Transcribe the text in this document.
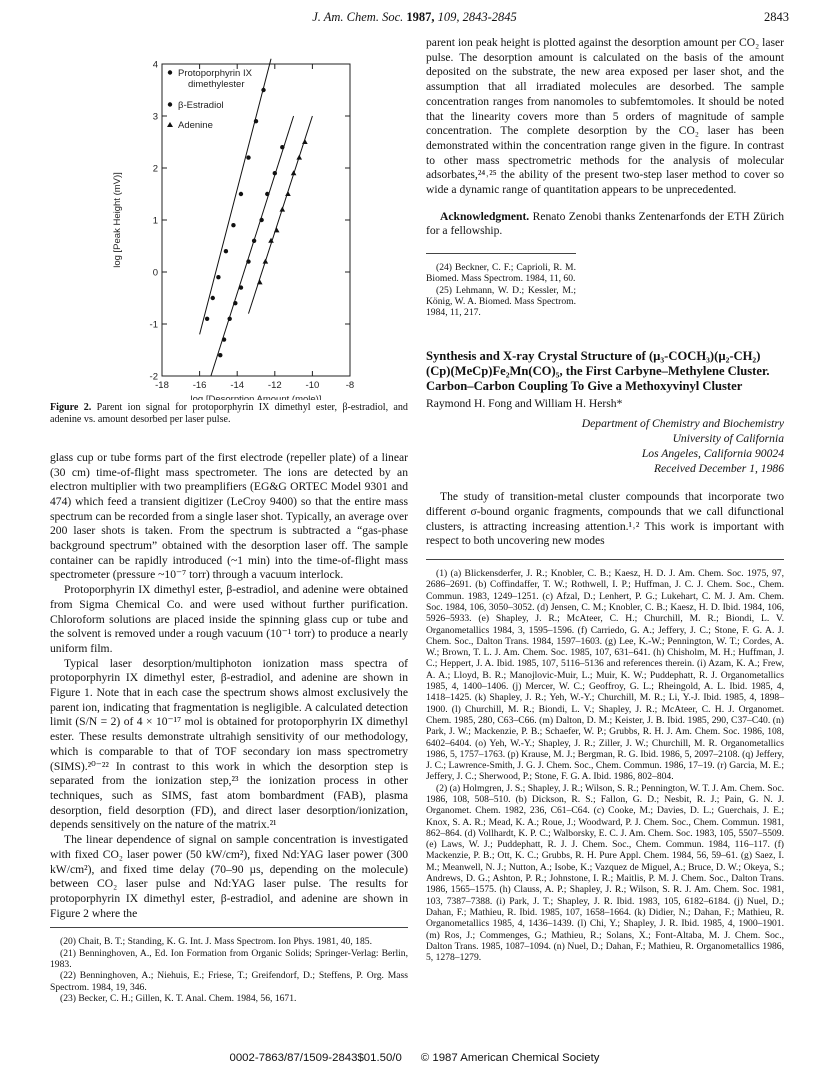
J. Am. Chem. Soc. 1987, 109, 2843-2845	2843
-18	-16	-14	-12	-10	-8
-2
-1
0
1
2
3
4
log [Desorption Amount (mole)]
log [Peak Height (mV)]
Protoporphyrin IX dimethylester
β-Estradiol
Adenine
Figure 2. Parent ion signal for protoporphyrin IX dimethyl ester, β-estradiol, and adenine vs. amount desorbed per laser pulse.

glass cup or tube forms part of the first electrode (repeller plate) of a linear (30 cm) time-of-flight mass spectrometer. The ions are detected by an electron multiplier with two preamplifiers (EG&G ORTEC Model 9301 and 474) which feed a transient digitizer (LeCroy 9400) so that the entire mass spectrum can be recorded from a single laser shot. Typically, an average over 200 laser shots is taken. From the spectrum is subtracted a “gas-phase background spectrum” obtained with the desorption laser off. The sample container can be rapidly introduced (~1 min) into the time-of-flight mass spectrometer (pressure ~10⁻⁷ torr) through a vacuum interlock.

Protoporphyrin IX dimethyl ester, β-estradiol, and adenine were obtained from Sigma Chemical Co. and were used without further purification. Chloroform solutions are placed inside the spinning glass cup or tube and the solvent is removed under a rough vacuum (10⁻¹ torr) to produce a nearly uniform film.

Typical laser desorption/multiphoton ionization mass spectra of protoporphyrin IX dimethyl ester, β-estradiol, and adenine are shown in Figure 1. Note that in each case the spectrum shows almost exclusively the parent ion, indicating that fragmentation is negligible. A calculated detection limit (S/N = 2) of 4 × 10⁻¹⁷ mol is obtained for protoporphyrin IX dimethyl ester. These results demonstrate ultrahigh sensitivity of our methodology, which is comparable to that of TOF secondary ion mass spectrometry (SIMS).²⁰⁻²² In contrast to this work in which the desorption step is separated from the ionization step,²³ the ionization process in other techniques, such as SIMS, fast atom bombardment (FAB), plasma desorption, field desorption (FD), and direct laser desorption/ionization, depends sensitively on the nature of the matrix.²¹

The linear dependence of signal on sample concentration is investigated with fixed CO₂ laser power (50 kW/cm²), fixed Nd:YAG laser power (300 kW/cm²), and fixed time delay (70–90 µs, depending on the molecule) between CO₂ laser pulse and Nd:YAG laser pulse. The results for protoporphyrin IX dimethyl ester, β-estradiol, and adenine are shown in Figure 2 where the

(20) Chait, B. T.; Standing, K. G. Int. J. Mass Spectrom. Ion Phys. 1981, 40, 185.

(21) Benninghoven, A., Ed. Ion Formation from Organic Solids; Springer-Verlag: Berlin, 1983.

(22) Benninghoven, A.; Niehuis, E.; Friese, T.; Greifendorf, D.; Steffens, P. Org. Mass Spectrom. 1984, 19, 346.

(23) Becker, C. H.; Gillen, K. T. Anal. Chem. 1984, 56, 1671.

parent ion peak height is plotted against the desorption amount per CO₂ laser pulse. The desorption amount is calculated on the basis of the amount deposited on the substrate, the new area exposed per laser shot, and the assumption that all irradiated molecules are desorbed. The sample concentration ranges from nanomoles to subfemtomoles. It should be noted that the linearity covers more than 5 orders of magnitude of sample concentration. The complete desorption by the CO₂ laser has been demonstrated within the concentration range given in the figure. In contrast to other mass spectrometric methods for the analysis of molecular adsorbates,²⁴˒²⁵ the ability of the present two-step laser method to cover so wide a dynamic range of quantitation appears to be unprecedented.

Acknowledgment. Renato Zenobi thanks Zentenarfonds der ETH Zürich for a fellowship.

(24) Beckner, C. F.; Caprioli, R. M. Biomed. Mass Spectrom. 1984, 11, 60.

(25) Lehmann, W. D.; Kessler, M.; König, W. A. Biomed. Mass Spectrom. 1984, 11, 217.

Synthesis and X-ray Crystal Structure of (µ₃-COCH₃)(µ₂-CH₂)(Cp)(MeCp)Fe₂Mn(CO)₅, the First Carbyne–Methylene Cluster. Carbon–Carbon Coupling To Give a Methoxyvinyl Cluster
Raymond H. Fong and William H. Hersh*
Department of Chemistry and Biochemistry
University of California
Los Angeles, California 90024
Received December 1, 1986

The study of transition-metal cluster compounds that incorporate two different σ-bound organic fragments, compounds that we call difunctional clusters, is attracting increasing attention.¹˒² This work is important with respect to both uncovering new modes

(1) (a) Blickensderfer, J. R.; Knobler, C. B.; Kaesz, H. D. J. Am. Chem. Soc. 1975, 97, 2686–2691. (b) Coffindaffer, T. W.; Rothwell, I. P.; Huffman, J. C. J. Chem. Soc., Chem. Commun. 1983, 1249–1251. (c) Afzal, D.; Lenhert, P. G.; Lukehart, C. M. J. Am. Chem. Soc. 1984, 106, 3050–3052. (d) Jensen, C. M.; Knobler, C. B.; Kaesz, H. D. Ibid. 1984, 106, 5926–5933. (e) Shapley, J. R.; McAteer, C. H.; Churchill, M. R.; Biondi, L. V. Organometallics 1984, 3, 1595–1596. (f) Carriedo, G. A.; Jeffery, J. C.; Stone, F. G. A. J. Chem. Soc., Dalton Trans. 1984, 1597–1603. (g) Lee, K.-W.; Pennington, W. T.; Cordes, A. W.; Brown, T. L. J. Am. Chem. Soc. 1985, 107, 631–641. (h) Chisholm, M. H.; Huffman, J. C.; Heppert, J. A. Ibid. 1985, 107, 5116–5136 and references therein. (i) Azam, K. A.; Frew, A. A.; Lloyd, B. R.; Manojlovic-Muir, L.; Muir, K. W.; Puddephatt, R. J. Organometallics 1985, 4, 1400–1406. (j) Mercer, W. C.; Geoffroy, G. L.; Rheingold, A. L. Ibid. 1985, 4, 1418–1425. (k) Shapley, J. R.; Yeh, W.-Y.; Churchill, M. R.; Li, Y.-J. Ibid. 1985, 4, 1898–1900. (l) Churchill, M. R.; Biondi, L. V.; Shapley, J. R.; McAteer, C. H. J. Organomet. Chem. 1985, 280, C63–C66. (m) Dalton, D. M.; Keister, J. B. Ibid. 1985, 290, C37–C40. (n) Park, J. W.; Mackenzie, P. B.; Schaefer, W. P.; Grubbs, R. H. J. Am. Chem. Soc. 1986, 108, 6402–6404. (o) Yeh, W.-Y.; Shapley, J. R.; Ziller, J. W.; Churchill, M. R. Organometallics 1986, 5, 1757–1763. (p) Krause, M. J.; Bergman, R. G. Ibid. 1986, 5, 2097–2108. (q) Jeffery, J. C.; Lawrence-Smith, J. G. J. Chem. Soc., Chem. Commun. 1986, 17–19. (r) Garcia, M. E.; Jeffery, J. C.; Sherwood, P.; Stone, F. G. A. Ibid. 1986, 802–804.

(2) (a) Holmgren, J. S.; Shapley, J. R.; Wilson, S. R.; Pennington, W. T. J. Am. Chem. Soc. 1986, 108, 508–510. (b) Dickson, R. S.; Fallon, G. D.; Nesbit, R. J.; Pain, G. N. J. Organomet. Chem. 1982, 236, C61–C64. (c) Cooke, M.; Davies, D. L.; Guerchais, J. E.; Knox, S. A. R.; Mead, K. A.; Roue, J.; Woodward, P. J. Chem. Soc., Chem. Commun. 1981, 862–864. (d) Vollhardt, K. P. C.; Walborsky, E. C. J. Am. Chem. Soc. 1983, 105, 5507–5509. (e) Laws, W. J.; Puddephatt, R. J. J. Chem. Soc., Chem. Commun. 1984, 116–117. (f) Mackenzie, P. B.; Ott, K. C.; Grubbs, R. H. Pure Appl. Chem. 1984, 56, 59–61. (g) Saez, I. M.; Meanwell, N. J.; Nutton, A.; Isobe, K.; Vazquez de Miguel, A.; Bruce, D. W.; Okeya, S.; Andrews, D. G.; Ashton, P. R.; Johnstone, I. R.; Maitlis, P. M. J. Chem. Soc., Dalton Trans. 1986, 1565–1575. (h) Clauss, A. P.; Shapley, J. R.; Wilson, S. R. J. Am. Chem. Soc. 1981, 103, 7387–7388. (i) Park, J. T.; Shapley, J. R. Ibid. 1983, 105, 6182–6184. (j) Nuel, D.; Dahan, F.; Mathieu, R. Ibid. 1985, 107, 1658–1664. (k) Didier, N.; Dahan, F.; Mathieu, R. Organometallics 1985, 4, 1436–1439. (l) Chi, Y.; Shapley, J. R. Ibid. 1985, 4, 1900–1901. (m) Ros, J.; Commenges, G.; Mathieu, R.; Solans, X.; Font-Altaba, M. J. Chem. Soc., Dalton Trans. 1985, 1087–1094. (n) Nuel, D.; Dahan, F.; Mathieu, R. Organometallics 1986, 5, 1278–1279.

0002-7863/87/1509-2843$01.50/0 © 1987 American Chemical Society
